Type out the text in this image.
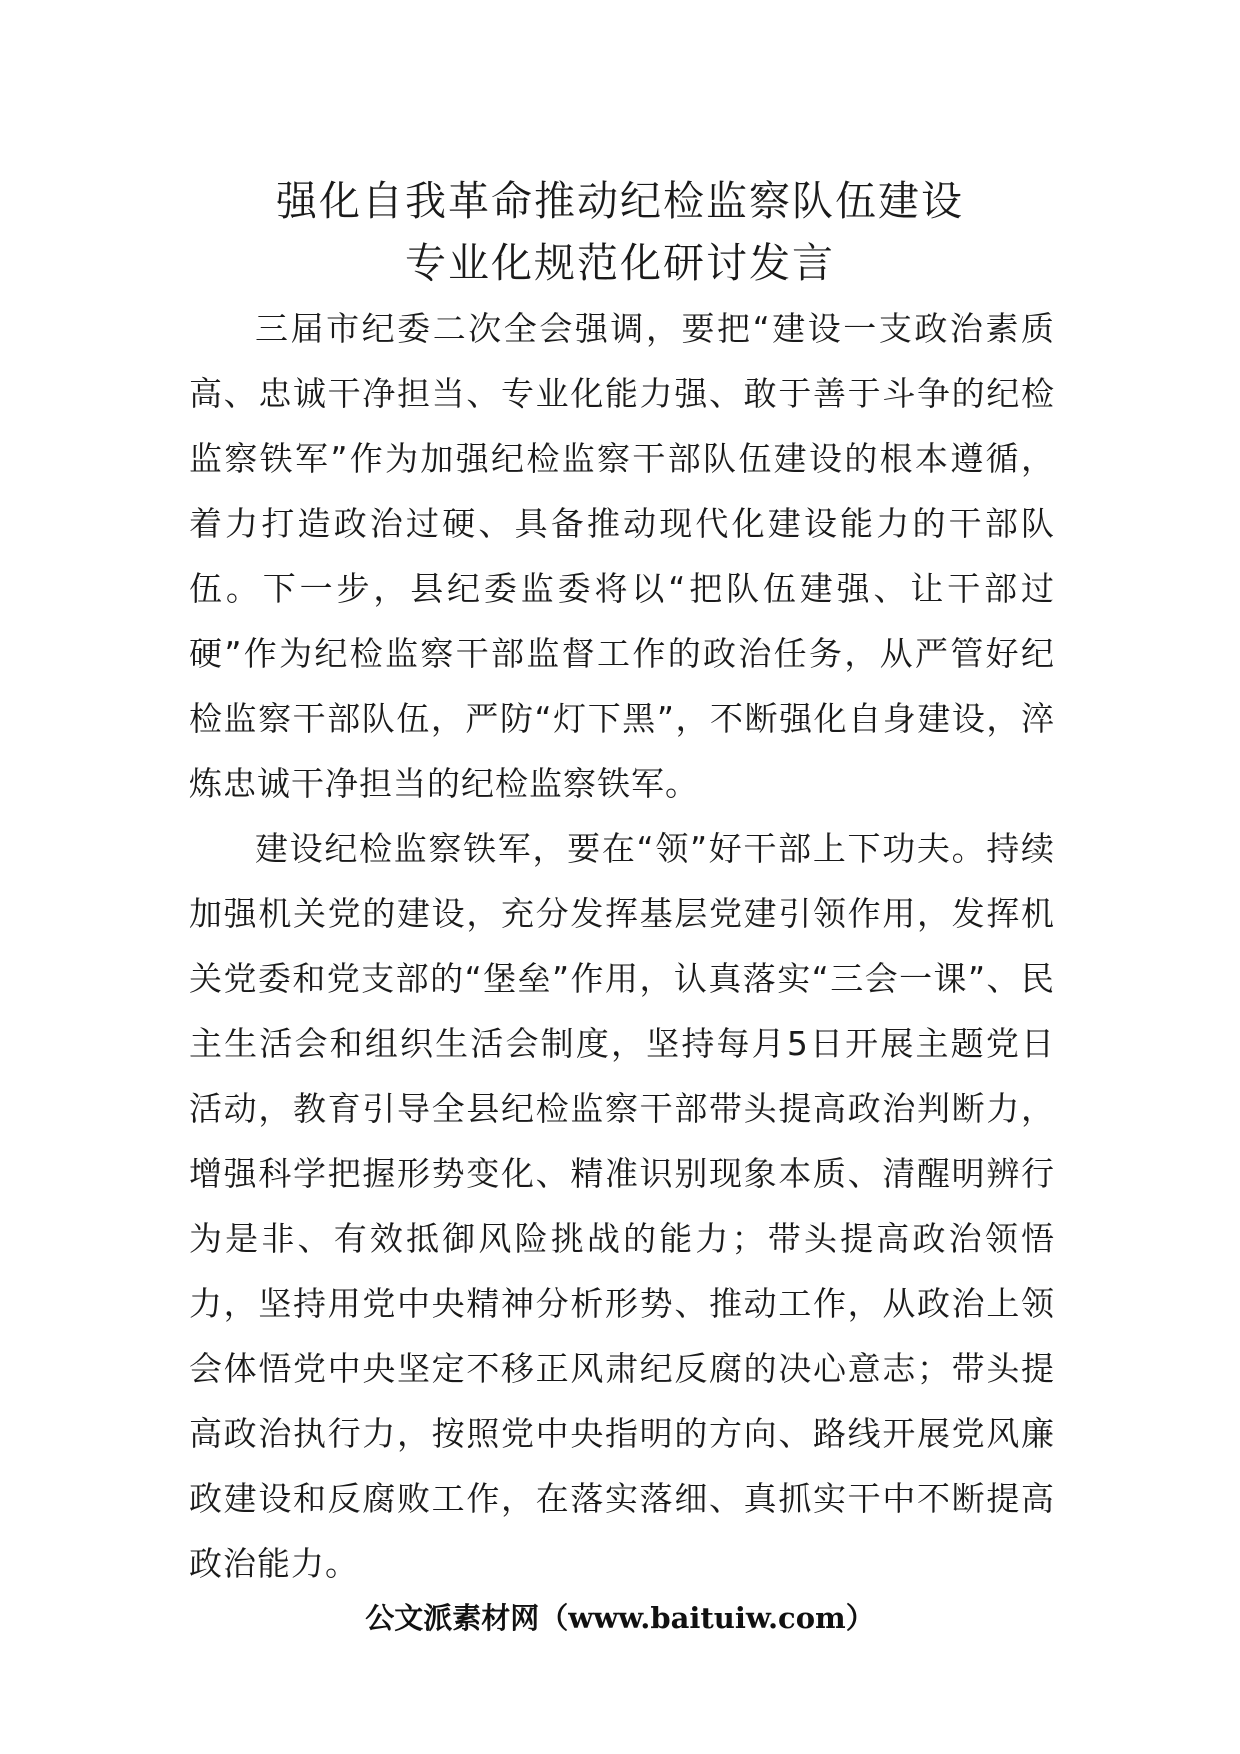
强化自我革命推动纪检监察队伍建设
专业化规范化研讨发言

三届市纪委二次全会强调，要把“建设一支政治素质高、忠诚干净担当、专业化能力强、敢于善于斗争的纪检监察铁军”作为加强纪检监察干部队伍建设的根本遵循，着力打造政治过硬、具备推动现代化建设能力的干部队伍。下一步，县纪委监委将以“把队伍建强、让干部过硬”作为纪检监察干部监督工作的政治任务，从严管好纪检监察干部队伍，严防“灯下黑”，不断强化自身建设，淬炼忠诚干净担当的纪检监察铁军。

建设纪检监察铁军，要在“领”好干部上下功夫。持续加强机关党的建设，充分发挥基层党建引领作用，发挥机关党委和党支部的“堡垒”作用，认真落实“三会一课”、民主生活会和组织生活会制度，坚持每月5日开展主题党日活动，教育引导全县纪检监察干部带头提高政治判断力，增强科学把握形势变化、精准识别现象本质、清醒明辨行为是非、有效抵御风险挑战的能力；带头提高政治领悟力，坚持用党中央精神分析形势、推动工作，从政治上领会体悟党中央坚定不移正风肃纪反腐的决心意志；带头提高政治执行力，按照党中央指明的方向、路线开展党风廉政建设和反腐败工作，在落实落细、真抓实干中不断提高政治能力。

公文派素材网（www.baituiw.com）
